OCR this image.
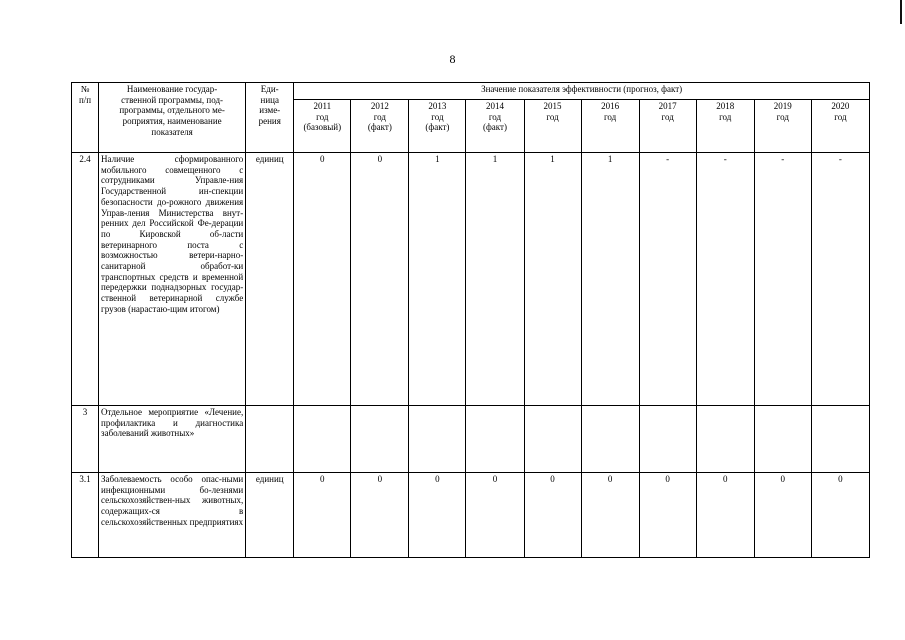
8
№
п/п	Наименование государ-
ственной программы, под-
программы, отдельного ме-
роприятия, наименование
показателя	Еди-
ница
изме-
рения	Значение показателя эффективности (прогноз, факт)									
			2011
год
(базовый)	2012
год
(факт)	2013
год
(факт)	2014
год
(факт)	2015
год	2016
год	2017
год	2018
год	2019
год	2020
год
2.4	Наличие сформированного мобильного совмещенного с сотрудниками Управле-ния Государственной ин-спекции безопасности до-рожного движения Управ-ления Министерства внут-ренних дел Российской Фе-дерации по Кировской об-ласти ветеринарного поста с возможностью ветери-нарно-санитарной обработ-ки транспортных средств и временной передержки поднадзорных государ-ственной ветеринарной службе грузов (нарастаю-щим итогом)	единиц	0	0	1	1	1	1	-	-	-	-
3	Отдельное мероприятие «Лечение, профилактика и диагностика заболеваний животных»											
3.1	Заболеваемость особо опас-ными инфекционными бо-лезнями сельскохозяйствен-ных животных, содержащих-ся в сельскохозяйственных предприятиях	единиц	0	0	0	0	0	0	0	0	0	0
